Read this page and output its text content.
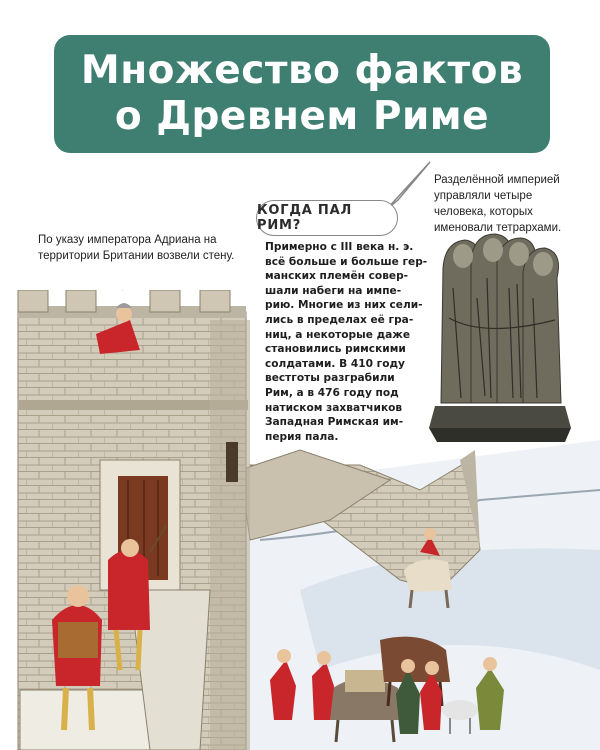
Множество фактов
о Древнем Риме
По указу императора Адриана на
территории Британии возвели стену.
Разделённой империей
управляли четыре
человека, которых
именовали тетрархами.
КОГДА ПАЛ РИМ?
Примерно с III века н. э.
всё больше и больше гер-
манских племён совер-
шали набеги на импе-
рию. Многие из них сели-
лись в пределах её гра-
ниц, а некоторые даже
становились римскими
солдатами. В 410 году
вестготы разграбили
Рим, а в 476 году под
натиском захватчиков
Западная Римская им-
перия пала.
